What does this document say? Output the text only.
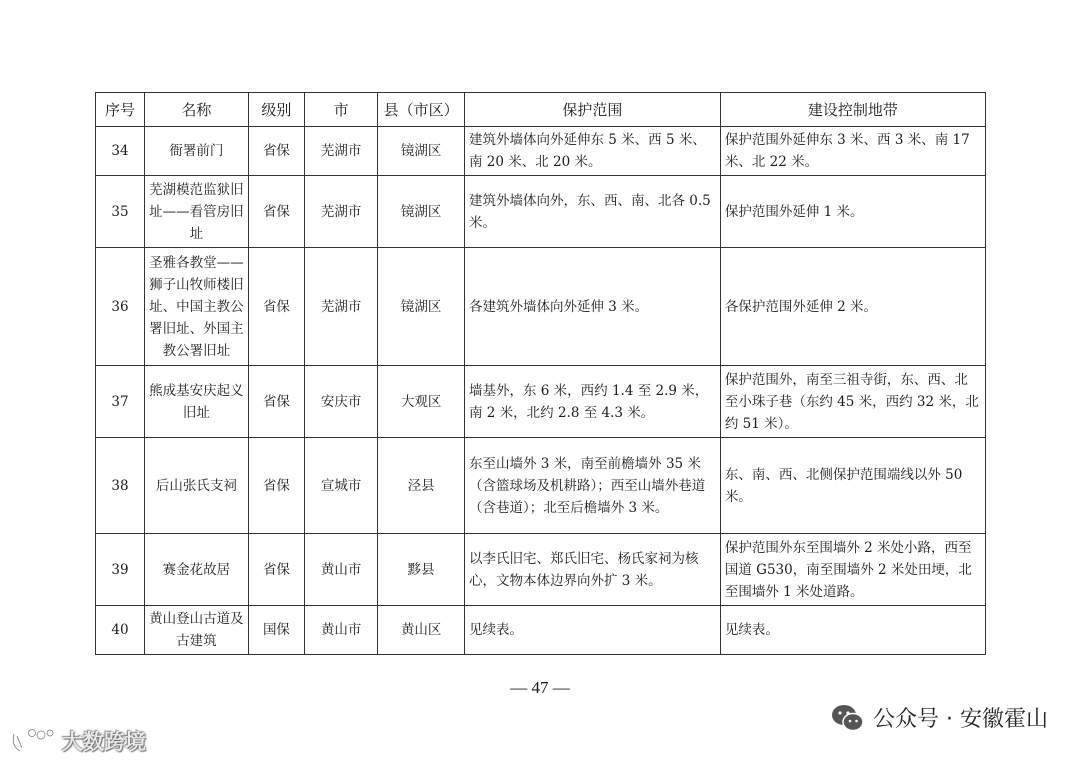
序号	名称	级别	市	县（市区）	保护范围	建设控制地带
34	衙署前门	省保	芜湖市	镜湖区	建筑外墙体向外延伸东 5 米、西 5 米、南 20 米、北 20 米。	保护范围外延伸东 3 米、西 3 米、南 17 米、北 22 米。
35	芜湖模范监狱旧址——看管房旧址	省保	芜湖市	镜湖区	建筑外墙体向外，东、西、南、北各 0.5 米。	保护范围外延伸 1 米。
36	圣雅各教堂——狮子山牧师楼旧址、中国主教公署旧址、外国主教公署旧址	省保	芜湖市	镜湖区	各建筑外墙体向外延伸 3 米。	各保护范围外延伸 2 米。
37	熊成基安庆起义旧址	省保	安庆市	大观区	墙基外，东 6 米，西约 1.4 至 2.9 米，南 2 米，北约 2.8 至 4.3 米。	保护范围外，南至三祖寺街，东、西、北至小珠子巷（东约 45 米，西约 32 米，北约 51 米）。
38	后山张氏支祠	省保	宣城市	泾县	东至山墙外 3 米，南至前檐墙外 35 米（含篮球场及机耕路）；西至山墙外巷道（含巷道）；北至后檐墙外 3 米。	东、南、西、北侧保护范围端线以外 50 米。
39	赛金花故居	省保	黄山市	黟县	以李氏旧宅、郑氏旧宅、杨氏家祠为核心，文物本体边界向外扩 3 米。	保护范围外东至围墙外 2 米处小路，西至国道 G530，南至围墙外 2 米处田埂，北至围墙外 1 米处道路。
40	黄山登山古道及古建筑	国保	黄山市	黄山区	见续表。	见续表。
— 47 —
公众号 · 安徽霍山
大数跨境
